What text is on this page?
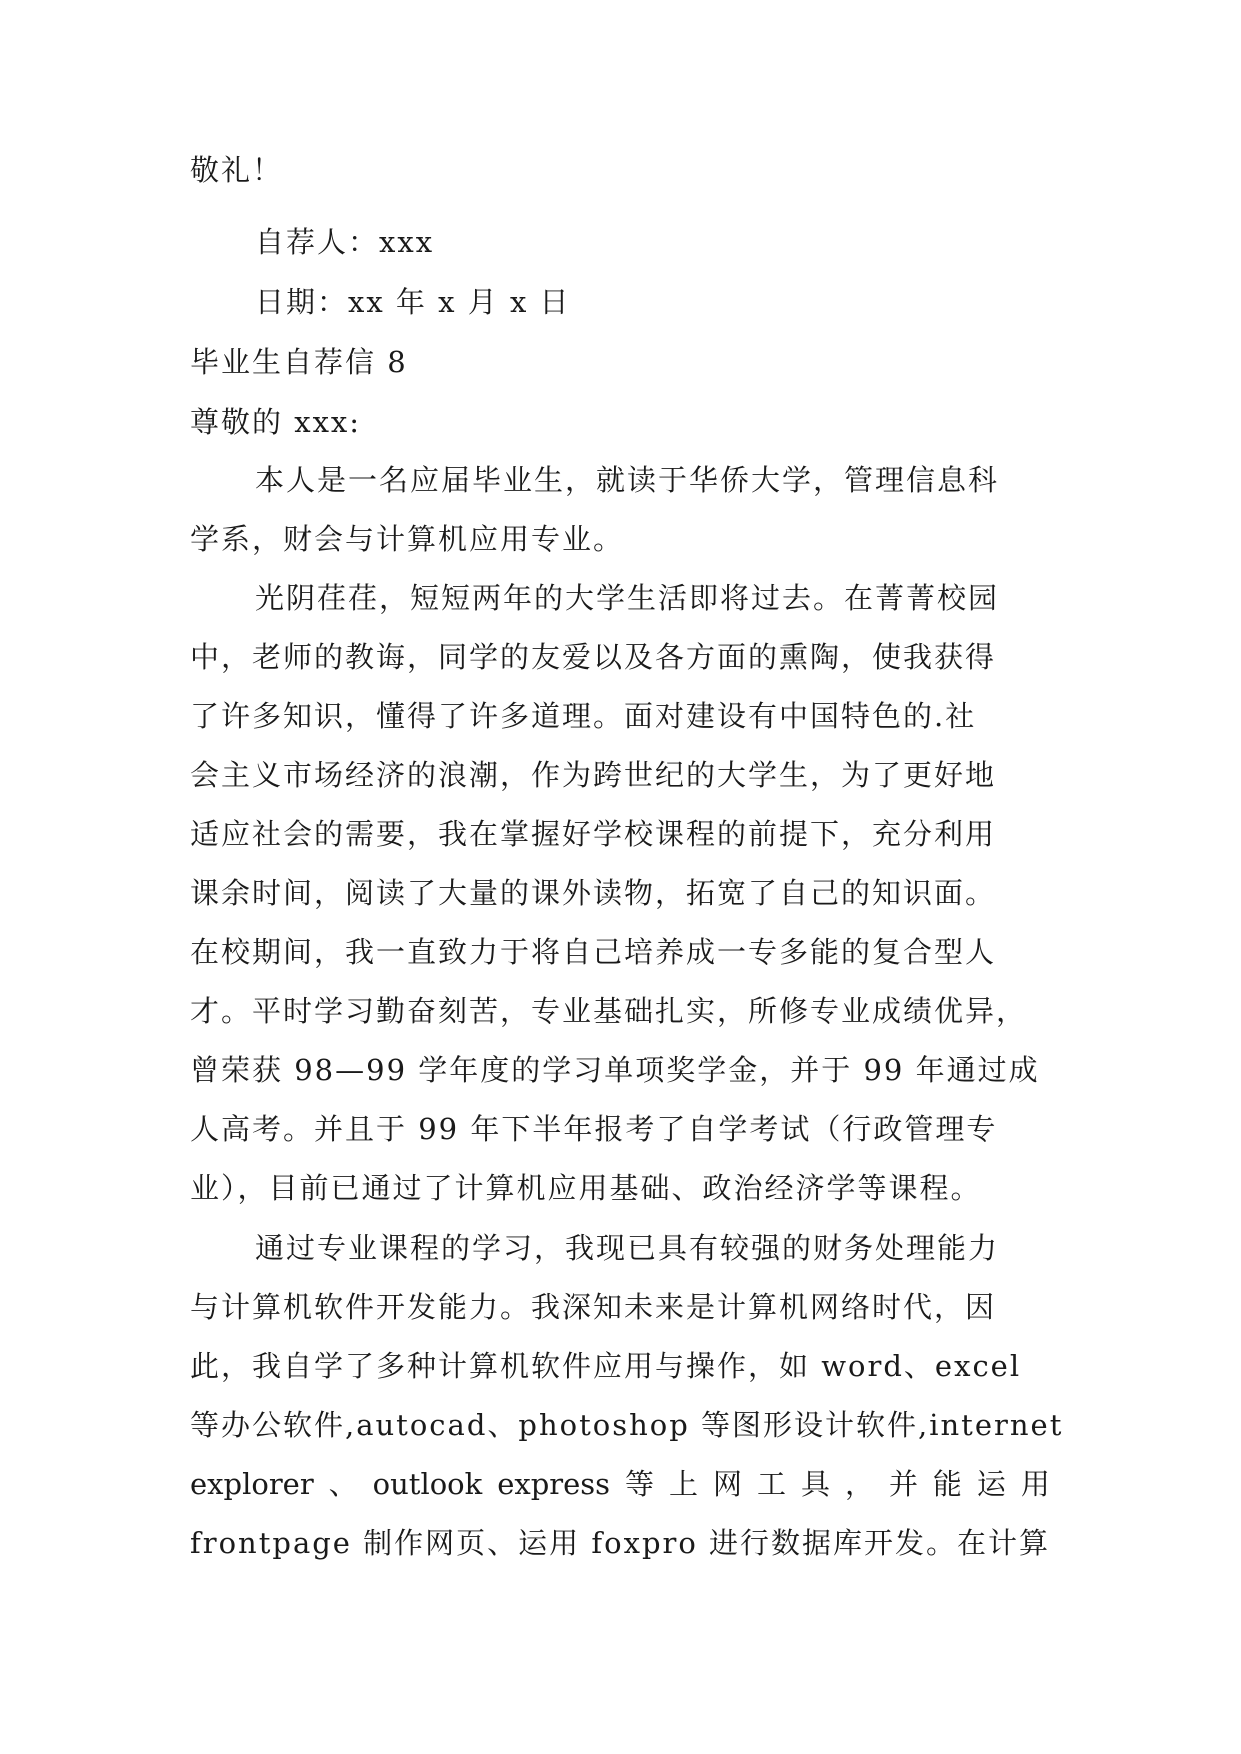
敬礼！
自荐人：xxx
日期：xx 年 x 月 x 日
毕业生自荐信 8
尊敬的 xxx:
本人是一名应届毕业生，就读于华侨大学，管理信息科
学系，财会与计算机应用专业。
光阴荏荏，短短两年的大学生活即将过去。在菁菁校园
中，老师的教诲，同学的友爱以及各方面的熏陶，使我获得
了许多知识，懂得了许多道理。面对建设有中国特色的.社
会主义市场经济的浪潮，作为跨世纪的大学生，为了更好地
适应社会的需要，我在掌握好学校课程的前提下，充分利用
课余时间，阅读了大量的课外读物，拓宽了自己的知识面。
在校期间，我一直致力于将自己培养成一专多能的复合型人
才。平时学习勤奋刻苦，专业基础扎实，所修专业成绩优异，
曾荣获 98—99 学年度的学习单项奖学金，并于 99 年通过成
人高考。并且于 99 年下半年报考了自学考试（行政管理专
业），目前已通过了计算机应用基础、政治经济学等课程。
通过专业课程的学习，我现已具有较强的财务处理能力
与计算机软件开发能力。我深知未来是计算机网络时代，因
此，我自学了多种计算机软件应用与操作，如 word、excel
等办公软件,autocad、photoshop 等图形设计软件,internet
explorer 、 outlook express 等 上 网 工 具 ， 并 能 运 用
frontpage 制作网页、运用 foxpro 进行数据库开发。在计算
